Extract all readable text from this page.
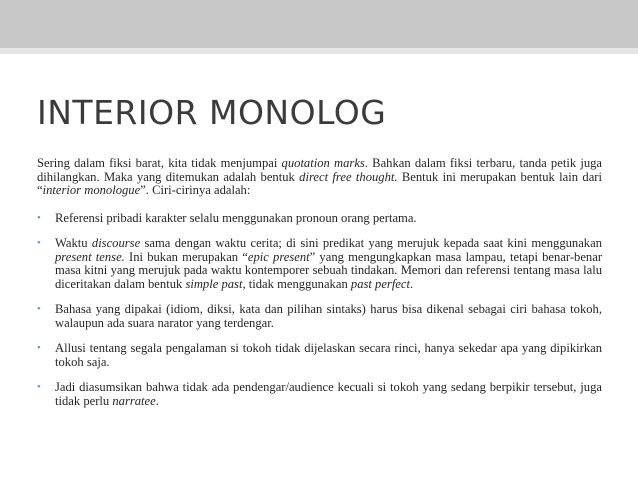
INTERIOR MONOLOG

Sering dalam fiksi barat, kita tidak menjumpai quotation marks. Bahkan dalam fiksi terbaru, tanda petik juga dihilangkan. Maka yang ditemukan adalah bentuk direct free thought. Bentuk ini merupakan bentuk lain dari “interior monologue”. Ciri-cirinya adalah:

• Referensi pribadi karakter selalu menggunakan pronoun orang pertama.
• Waktu discourse sama dengan waktu cerita; di sini predikat yang merujuk kepada saat kini menggunakan present tense. Ini bukan merupakan “epic present” yang mengungkapkan masa lampau, tetapi benar-benar masa kitni yang merujuk pada waktu kontemporer sebuah tindakan. Memori dan referensi tentang masa lalu diceritakan dalam bentuk simple past, tidak menggunakan past perfect.
• Bahasa yang dipakai (idiom, diksi, kata dan pilihan sintaks) harus bisa dikenal sebagai ciri bahasa tokoh, walaupun ada suara narator yang terdengar.
• Allusi tentang segala pengalaman si tokoh tidak dijelaskan secara rinci, hanya sekedar apa yang dipikirkan tokoh saja.
• Jadi diasumsikan bahwa tidak ada pendengar/audience kecuali si tokoh yang sedang berpikir tersebut, juga tidak perlu narratee.
